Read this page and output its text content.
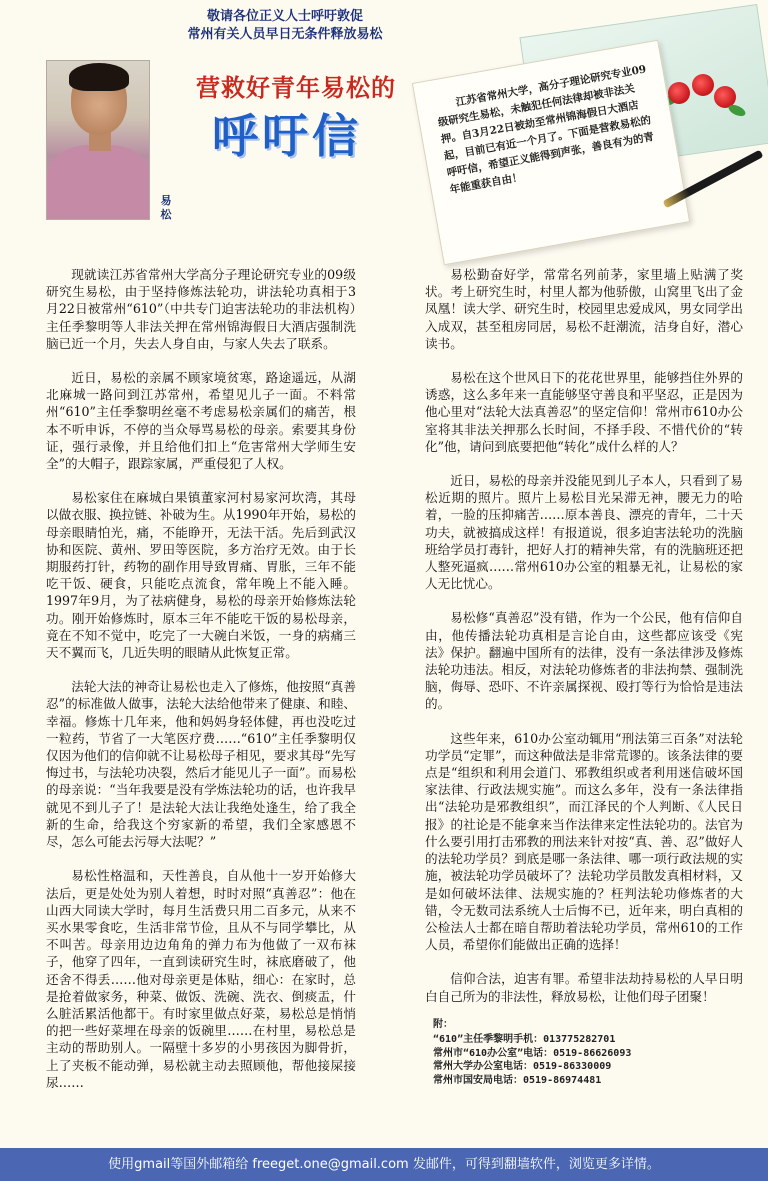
敬请各位正义人士呼吁敦促
常州有关人员早日无条件释放易松
易松
营救好青年易松的
呼吁信

江苏省常州大学，高分子理论研究专业09级研究生易松，未触犯任何法律却被非法关押。自3月22日被劫至常州锦海假日大酒店起，目前已有近一个月了。下面是营救易松的呼吁信，希望正义能得到声张，善良有为的青年能重获自由！

现就读江苏省常州大学高分子理论研究专业的09级研究生易松，由于坚持修炼法轮功，讲法轮功真相于3月22日被常州“610”（中共专门迫害法轮功的非法机构）主任季黎明等人非法关押在常州锦海假日大酒店强制洗脑已近一个月，失去人身自由，与家人失去了联系。

近日，易松的亲属不顾家境贫寒，路途遥远，从湖北麻城一路问到江苏常州，希望见儿子一面。不料常州“610”主任季黎明丝毫不考虑易松亲属们的痛苦，根本不听申诉，不停的当众辱骂易松的母亲。索要其身份证，强行录像，并且给他们扣上“危害常州大学师生安全”的大帽子，跟踪家属，严重侵犯了人权。

易松家住在麻城白果镇董家河村易家河坎湾，其母以做衣服、换拉链、补破为生。从1990年开始，易松的母亲眼睛怕光，痛，不能睁开，无法干活。先后到武汉协和医院、黄州、罗田等医院，多方治疗无效。由于长期服药打针，药物的副作用导致胃痛、胃胀，三年不能吃干饭、硬食，只能吃点流食，常年晚上不能入睡。1997年9月，为了祛病健身，易松的母亲开始修炼法轮功。刚开始修炼时，原本三年不能吃干饭的易松母亲，竟在不知不觉中，吃完了一大碗白米饭，一身的病痛三天不翼而飞，几近失明的眼睛从此恢复正常。

法轮大法的神奇让易松也走入了修炼，他按照“真善忍”的标准做人做事，法轮大法给他带来了健康、和睦、幸福。修炼十几年来，他和妈妈身轻体健，再也没吃过一粒药，节省了一大笔医疗费……“610”主任季黎明仅仅因为他们的信仰就不让易松母子相见，要求其母“先写悔过书，与法轮功决裂，然后才能见儿子一面”。而易松的母亲说：“当年我要是没有学炼法轮功的话，也许我早就见不到儿子了！是法轮大法让我绝处逢生，给了我全新的生命，给我这个穷家新的希望，我们全家感恩不尽，怎么可能去污辱大法呢？”

易松性格温和，天性善良，自从他十一岁开始修大法后，更是处处为别人着想，时时对照“真善忍”：他在山西大同读大学时，每月生活费只用二百多元，从来不买水果零食吃，生活非常节俭，且从不与同学攀比，从不叫苦。母亲用边边角角的弹力布为他做了一双布袜子，他穿了四年，一直到读研究生时，袜底磨破了，他还舍不得丢……他对母亲更是体贴，细心：在家时，总是抢着做家务，种菜、做饭、洗碗、洗衣、倒痰盂，什么脏活累活他都干。有时家里做点好菜，易松总是悄悄的把一些好菜埋在母亲的饭碗里……在村里，易松总是主动的帮助别人。一隔壁十多岁的小男孩因为脚骨折，上了夹板不能动弹，易松就主动去照顾他，帮他接屎接尿……

易松勤奋好学，常常名列前茅，家里墙上贴满了奖状。考上研究生时，村里人都为他骄傲，山窝里飞出了金凤凰！读大学、研究生时，校园里忠爱成风，男女同学出入成双，甚至租房同居，易松不赶潮流，洁身自好，潜心读书。

易松在这个世风日下的花花世界里，能够挡住外界的诱惑，这么多年来一直能够坚守善良和平坚忍，正是因为他心里对“法轮大法真善忍”的坚定信仰！常州市610办公室将其非法关押那么长时间，不择手段、不惜代价的“转化”他，请问到底要把他“转化”成什么样的人？

近日，易松的母亲并没能见到儿子本人，只看到了易松近期的照片。照片上易松目光呆滞无神，腰无力的哈着，一脸的压抑痛苦……原本善良、漂亮的青年，二十天功夫，就被搞成这样！有报道说，很多迫害法轮功的洗脑班给学员打毒针，把好人打的精神失常，有的洗脑班还把人整死逼疯……常州610办公室的粗暴无礼，让易松的家人无比忧心。

易松修“真善忍”没有错，作为一个公民，他有信仰自由，他传播法轮功真相是言论自由，这些都应该受《宪法》保护。翻遍中国所有的法律，没有一条法律涉及修炼法轮功违法。相反，对法轮功修炼者的非法拘禁、强制洗脑，侮辱、恐吓、不许亲属探视、殴打等行为恰恰是违法的。

这些年来，610办公室动辄用“刑法第三百条”对法轮功学员“定罪”，而这种做法是非常荒谬的。该条法律的要点是“组织和利用会道门、邪教组织或者利用迷信破坏国家法律、行政法规实施”。而这么多年，没有一条法律指出“法轮功是邪教组织”，而江泽民的个人判断、《人民日报》的社论是不能拿来当作法律来定性法轮功的。法官为什么要引用打击邪教的刑法来针对按“真、善、忍”做好人的法轮功学员？到底是哪一条法律、哪一项行政法规的实施，被法轮功学员破坏了？法轮功学员散发真相材料，又是如何破坏法律、法规实施的？枉判法轮功修炼者的大错，令无数司法系统人士后悔不已，近年来，明白真相的公检法人士都在暗自帮助着法轮功学员，常州610的工作人员，希望你们能做出正确的选择！

信仰合法，迫害有罪。希望非法劫持易松的人早日明白自己所为的非法性，释放易松，让他们母子团聚！

附：
“610”主任季黎明手机：013775282701
常州市“610办公室”电话：0519-86626093
常州大学办公室电话：0519-86330009
常州市国安局电话：0519-86974481
使用gmail等国外邮箱给 freeget.one@gmail.com 发邮件，可得到翻墙软件，浏览更多详情。
